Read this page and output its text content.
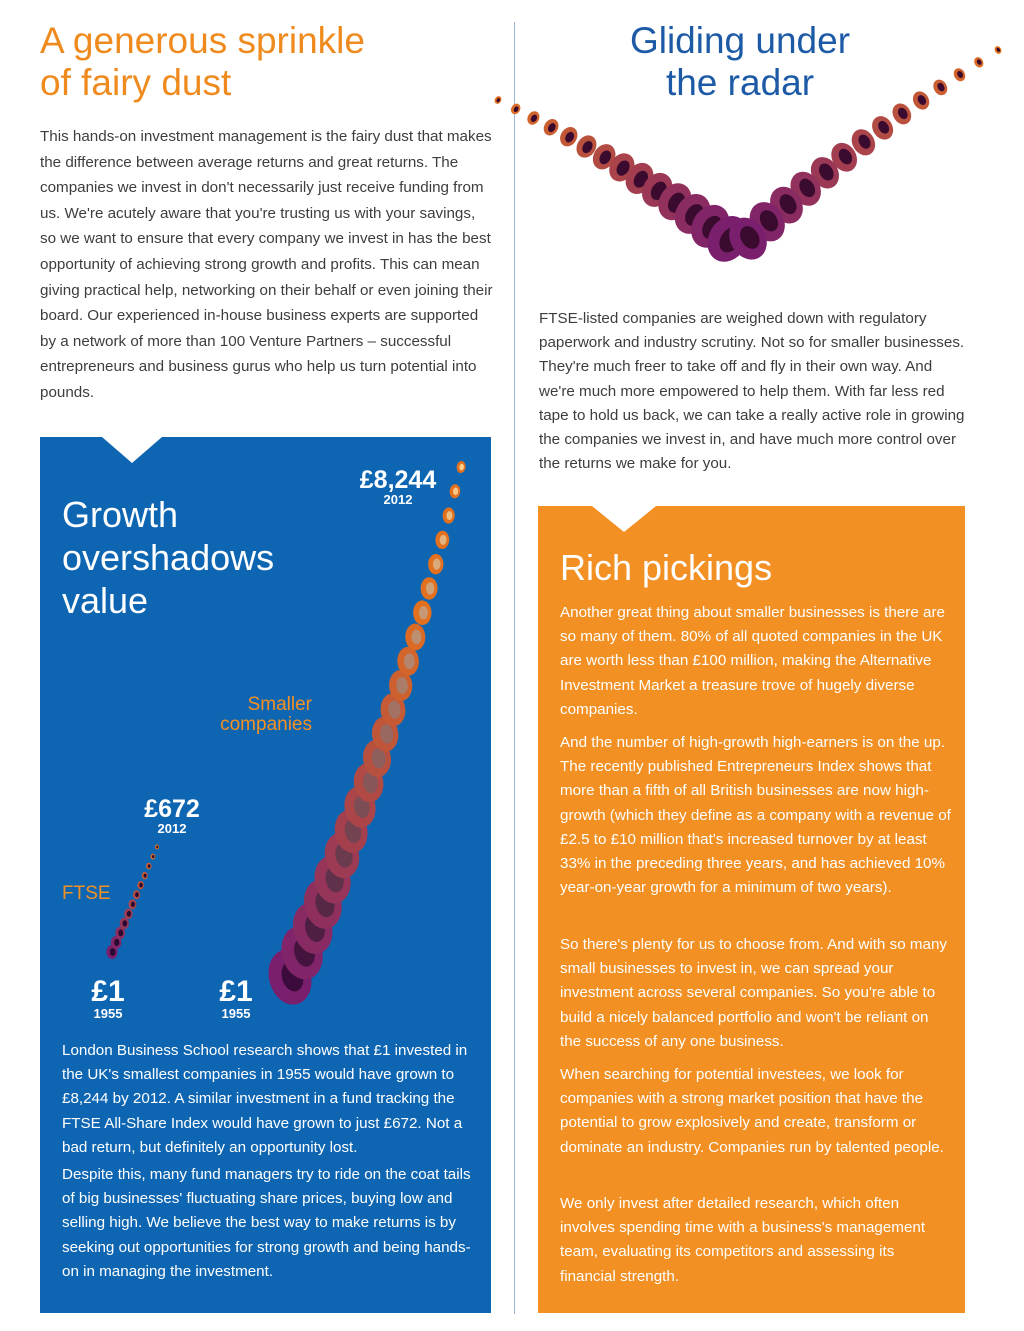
A generous sprinkle
of fairy dust
This hands-on investment management is the fairy dust that makes the difference between average returns and great returns. The companies we invest in don't necessarily just receive funding from us. We're acutely aware that you're trusting us with your savings, so we want to ensure that every company we invest in has the best opportunity of achieving strong growth and profits. This can mean giving practical help, networking on their behalf or even joining their board. Our experienced in-house business experts are supported by a network of more than 100 Venture Partners – successful entrepreneurs and business gurus who help us turn potential into pounds.
Gliding under
the radar
FTSE-listed companies are weighed down with regulatory paperwork and industry scrutiny. Not so for smaller businesses. They're much freer to take off and fly in their own way. And we're much more empowered to help them. With far less red tape to hold us back, we can take a really active role in growing the companies we invest in, and have much more control over the returns we make for you.
Growth
overshadows
value
£8,244
2012
£672
2012
Smaller
companies
FTSE
£1
1955
£1
1955
London Business School research shows that £1 invested in the UK's smallest companies in 1955 would have grown to £8,244 by 2012. A similar investment in a fund tracking the FTSE All-Share Index would have grown to just £672. Not a bad return, but definitely an opportunity lost.
Despite this, many fund managers try to ride on the coat tails of big businesses' fluctuating share prices, buying low and selling high. We believe the best way to make returns is by seeking out opportunities for strong growth and being hands-on in managing the investment.
Rich pickings
Another great thing about smaller businesses is there are so many of them. 80% of all quoted companies in the UK are worth less than £100 million, making the Alternative Investment Market a treasure trove of hugely diverse companies.
And the number of high-growth high-earners is on the up. The recently published Entrepreneurs Index shows that more than a fifth of all British businesses are now high-growth (which they define as a company with a revenue of £2.5 to £10 million that's increased turnover by at least 33% in the preceding three years, and has achieved 10% year-on-year growth for a minimum of two years).
So there's plenty for us to choose from. And with so many small businesses to invest in, we can spread your investment across several companies. So you're able to build a nicely balanced portfolio and won't be reliant on the success of any one business.
When searching for potential investees, we look for companies with a strong market position that have the potential to grow explosively and create, transform or dominate an industry. Companies run by talented people.
We only invest after detailed research, which often involves spending time with a business's management team, evaluating its competitors and assessing its financial strength.
